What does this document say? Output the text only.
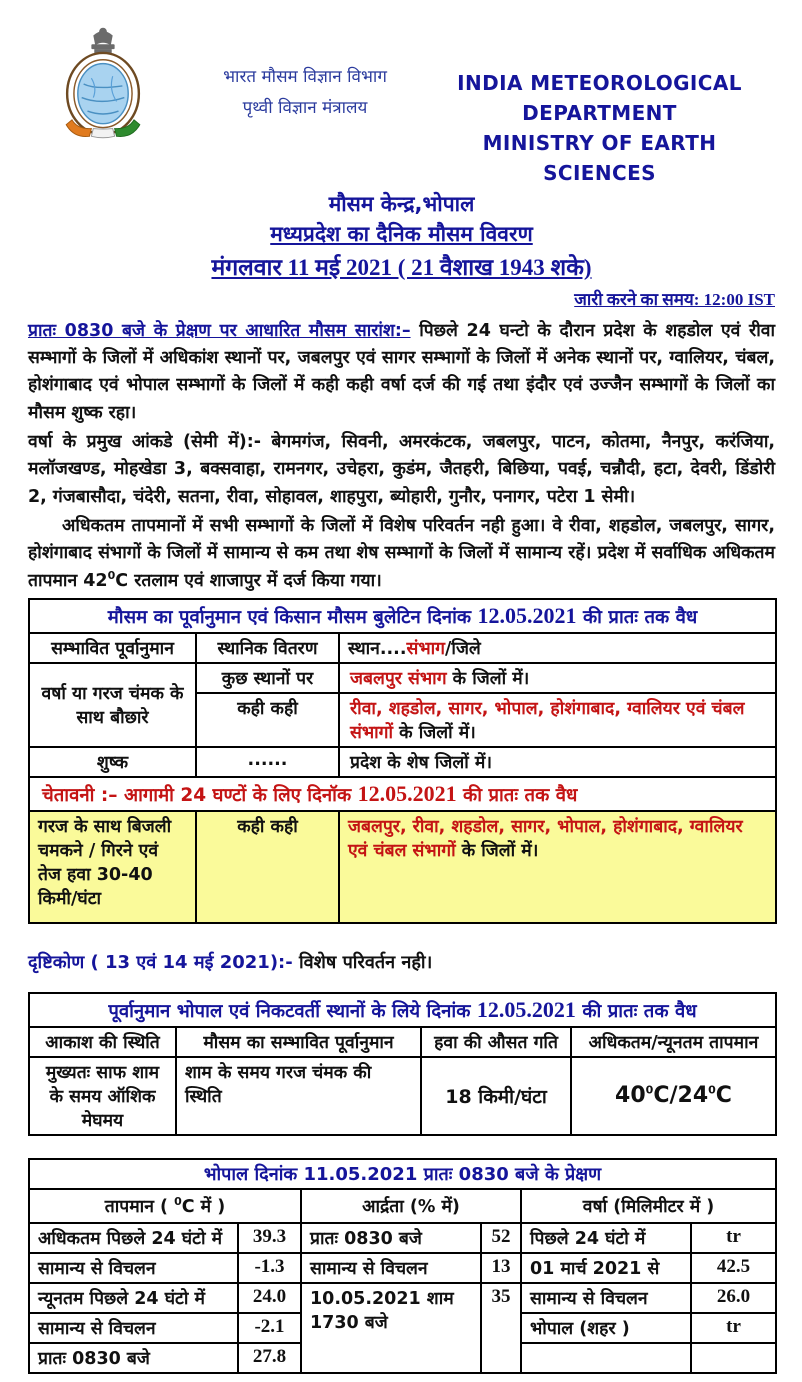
भारत मौसम विज्ञान विभाग
पृथ्वी विज्ञान मंत्रालय
INDIA METEOROLOGICAL DEPARTMENT
MINISTRY OF EARTH SCIENCES
मौसम केन्द्र,भोपाल
मध्यप्रदेश का दैनिक मौसम विवरण
मंगलवार 11 मई 2021 ( 21 वैशाख 1943 शके)
जारी करने का समय: 12:00 IST

प्रातः 0830 बजे के प्रेक्षण पर आधारित मौसम सारांश:– पिछले 24 घन्टो के दौरान प्रदेश के शहडोल एवं रीवा सम्भागों के जिलों में अधिकांश स्थानों पर, जबलपुर एवं सागर सम्भागों के जिलों में अनेक स्थानों पर, ग्वालियर, चंबल, होशंगाबाद एवं भोपाल सम्भागों के जिलों में कही कही वर्षा दर्ज की गई तथा इंदौर एवं उज्जैन सम्भागों के जिलों का मौसम शुष्क रहा।

वर्षा के प्रमुख आंकडे (सेमी में):- बेगमगंज, सिवनी, अमरकंटक, जबलपुर, पाटन, कोतमा, नैनपुर, करंजिया, मलॉजखण्ड, मोहखेडा 3, बक्सवाहा, रामनगर, उचेहरा, कुडंम, जैतहरी, बिछिया, पवई, चन्नौदी, हटा, देवरी, डिंडोरी 2, गंजबासौदा, चंदेरी, सतना, रीवा, सोहावल, शाहपुरा, ब्योहारी, गुनौर, पनागर, पटेरा 1 सेमी।

अधिकतम तापमानों में सभी सम्भागों के जिलों में विशेष परिवर्तन नही हुआ। वे रीवा, शहडोल, जबलपुर, सागर, होशंगाबाद संभागों के जिलों में सामान्य से कम तथा शेष सम्भागों के जिलों में सामान्य रहें। प्रदेश में सर्वाधिक अधिकतम तापमान $42^0C$ रतलाम एवं शाजापुर में दर्ज किया गया।

मौसम का पूर्वानुमान एवं किसान मौसम बुलेटिन दिनांक 12.05.2021 की प्रातः तक वैध		
सम्भावित पूर्वानुमान	स्थानिक वितरण	स्थान....संभाग/जिले
वर्षा या गरज चंमक के साथ बौछारे	कुछ स्थानों पर	जबलपुर संभाग के जिलों में।
	कही कही	रीवा, शहडोल, सागर, भोपाल, होशंगाबाद, ग्वालियर एवं चंबल संभागों के जिलों में।
शुष्क	......	प्रदेश के शेष जिलों में।
चेतावनी :– आगामी 24 घण्टों के लिए दिनॉक 12.05.2021 की प्रातः तक वैध
गरज के साथ बिजली चमकने / गिरने एवं तेज हवा 30-40 किमी/घंटा	कही कही	जबलपुर, रीवा, शहडोल, सागर, भोपाल, होशंगाबाद, ग्वालियर एवं चंबल संभागों के जिलों में।

दृष्टिकोण ( 13 एवं 14 मई 2021):- विशेष परिवर्तन नही।

पूर्वानुमान भोपाल एवं निकटवर्ती स्थानों के लिये दिनांक 12.05.2021 की प्रातः तक वैध			
आकाश की स्थिति	मौसम का सम्भावित पूर्वानुमान	हवा की औसत गति	अधिकतम/न्यूनतम तापमान
मुख्यतः साफ शाम के समय ऑशिक मेघमय	शाम के समय गरज चंमक की स्थिति	18 किमी/घंटा	$40^0C/24^0C$
भोपाल दिनांक 11.05.2021 प्रातः 0830 बजे के प्रेक्षण					
तापमान ( $^0$C में )		आर्द्रता (% में)		वर्षा (मिलिमीटर में )	
अधिकतम पिछले 24 घंटो में	39.3	प्रातः 0830 बजे	52	पिछले 24 घंटो में	tr
सामान्य से विचलन	-1.3	सामान्य से विचलन	13	01 मार्च 2021 से	42.5
न्यूनतम पिछले 24 घंटो में	24.0	10.05.2021 शाम 1730 बजे	35	सामान्य से विचलन	26.0
सामान्य से विचलन	-2.1			भोपाल (शहर )	tr
प्रातः 0830 बजे	27.8				
